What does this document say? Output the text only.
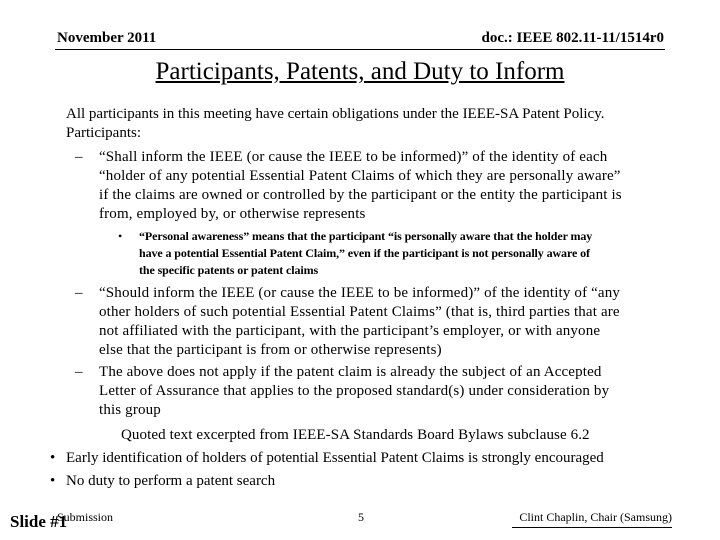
November 2011	doc.: IEEE 802.11-11/1514r0
Participants, Patents, and Duty to Inform
All participants in this meeting have certain obligations under the IEEE-SA Patent Policy.
Participants:
– “Shall inform the IEEE (or cause the IEEE to be informed)” of the identity of each
“holder of any potential Essential Patent Claims of which they are personally aware”
if the claims are owned or controlled by the participant or the entity the participant is
from, employed by, or otherwise represents
• “Personal awareness” means that the participant “is personally aware that the holder may
have a potential Essential Patent Claim,” even if the participant is not personally aware of
the specific patents or patent claims
– “Should inform the IEEE (or cause the IEEE to be informed)” of the identity of “any
other holders of such potential Essential Patent Claims” (that is, third parties that are
not affiliated with the participant, with the participant’s employer, or with anyone
else that the participant is from or otherwise represents)
– The above does not apply if the patent claim is already the subject of an Accepted
Letter of Assurance that applies to the proposed standard(s) under consideration by
this group
Quoted text excerpted from IEEE-SA Standards Board Bylaws subclause 6.2
• Early identification of holders of potential Essential Patent Claims is strongly encouraged
• No duty to perform a patent search
Slide #1
Submission	5	Clint Chaplin, Chair (Samsung)
